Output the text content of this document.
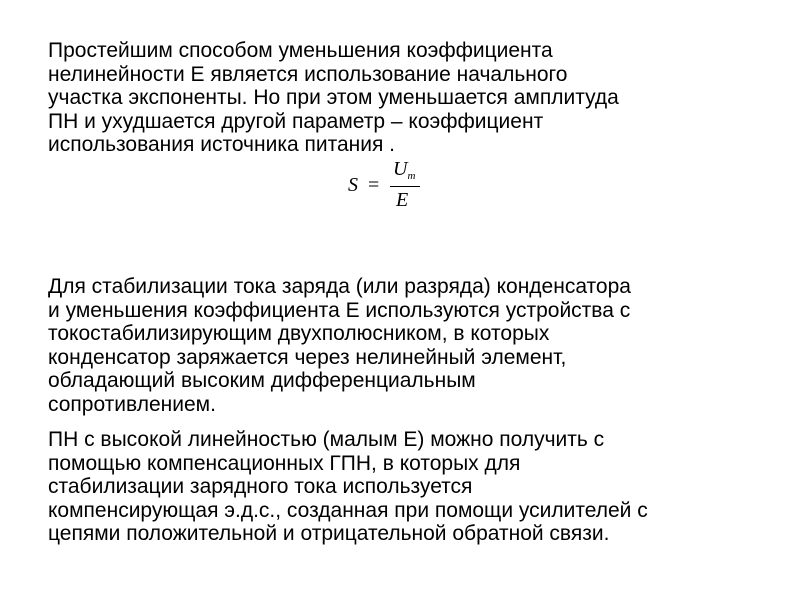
Простейшим способом уменьшения коэффициента
нелинейности Е является использование начального
участка экспоненты. Но при этом уменьшается амплитуда
ПН и ухудшается другой параметр – коэффициент
использования источника питания .

S =
$U_m$
E

Для стабилизации тока заряда (или разряда) конденсатора
и уменьшения коэффициента Е используются устройства с
токостабилизирующим двухполюсником, в которых
конденсатор заряжается через нелинейный элемент,
обладающий высоким дифференциальным
сопротивлением.

ПН с высокой линейностью (малым Е) можно получить с
помощью компенсационных ГПН, в которых для
стабилизации зарядного тока используется
компенсирующая э.д.с., созданная при помощи усилителей с
цепями положительной и отрицательной обратной связи.
